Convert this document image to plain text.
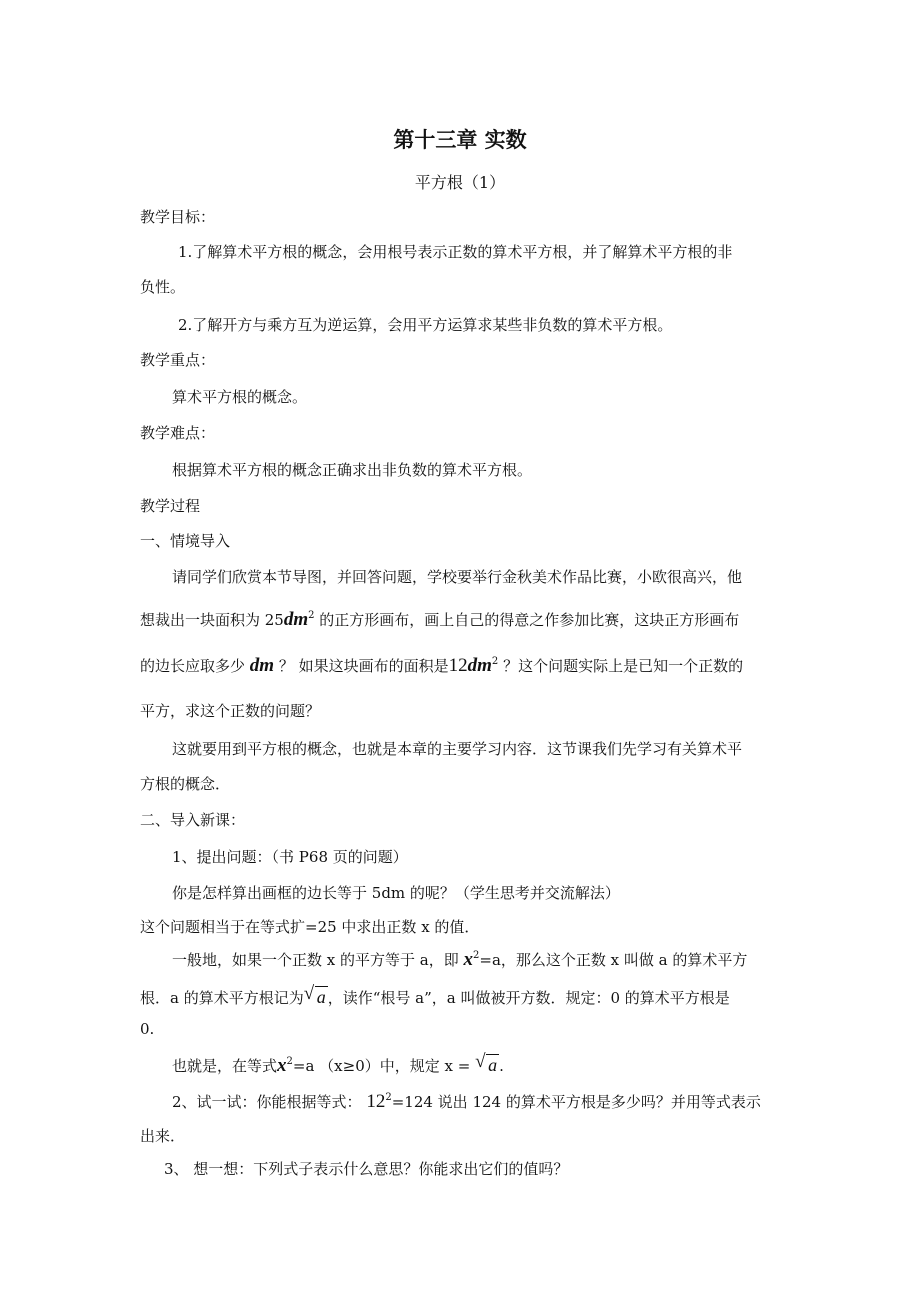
第十三章 实数
平方根（1）
教学目标：
1.了解算术平方根的概念，会用根号表示正数的算术平方根，并了解算术平方根的非
负性。
2.了解开方与乘方互为逆运算，会用平方运算求某些非负数的算术平方根。
教学重点：
算术平方根的概念。
教学难点：
根据算术平方根的概念正确求出非负数的算术平方根。
教学过程
一、情境导入
请同学们欣赏本节导图，并回答问题，学校要举行金秋美术作品比赛，小欧很高兴，他
想裁出一块面积为 $25dm^2$ 的正方形画布，画上自己的得意之作参加比赛，这块正方形画布
的边长应取多少 dm ？ 如果这块画布的面积是$12dm^2$ ？这个问题实际上是已知一个正数的
平方，求这个正数的问题？
这就要用到平方根的概念，也就是本章的主要学习内容．这节课我们先学习有关算术平
方根的概念．
二、导入新课：
1、提出问题：（书 P68 页的问题）
你是怎样算出画框的边长等于 5dm 的呢？（学生思考并交流解法）
这个问题相当于在等式扩=25 中求出正数 x 的值．
一般地，如果一个正数 x 的平方等于 a，即 $x^2=a$，那么这个正数 x 叫做 a 的算术平方
根．a 的算术平方根记为 √ a ，读作“根号 a”，a 叫做被开方数．规定：0 的算术平方根是
0.
也就是，在等式$x^2=a$ （x≥0）中，规定 x = √ a .
2、试一试：你能根据等式： $12^2=124$ 说出 124 的算术平方根是多少吗？并用等式表示
出来．
3、 想一想：下列式子表示什么意思？你能求出它们的值吗？
